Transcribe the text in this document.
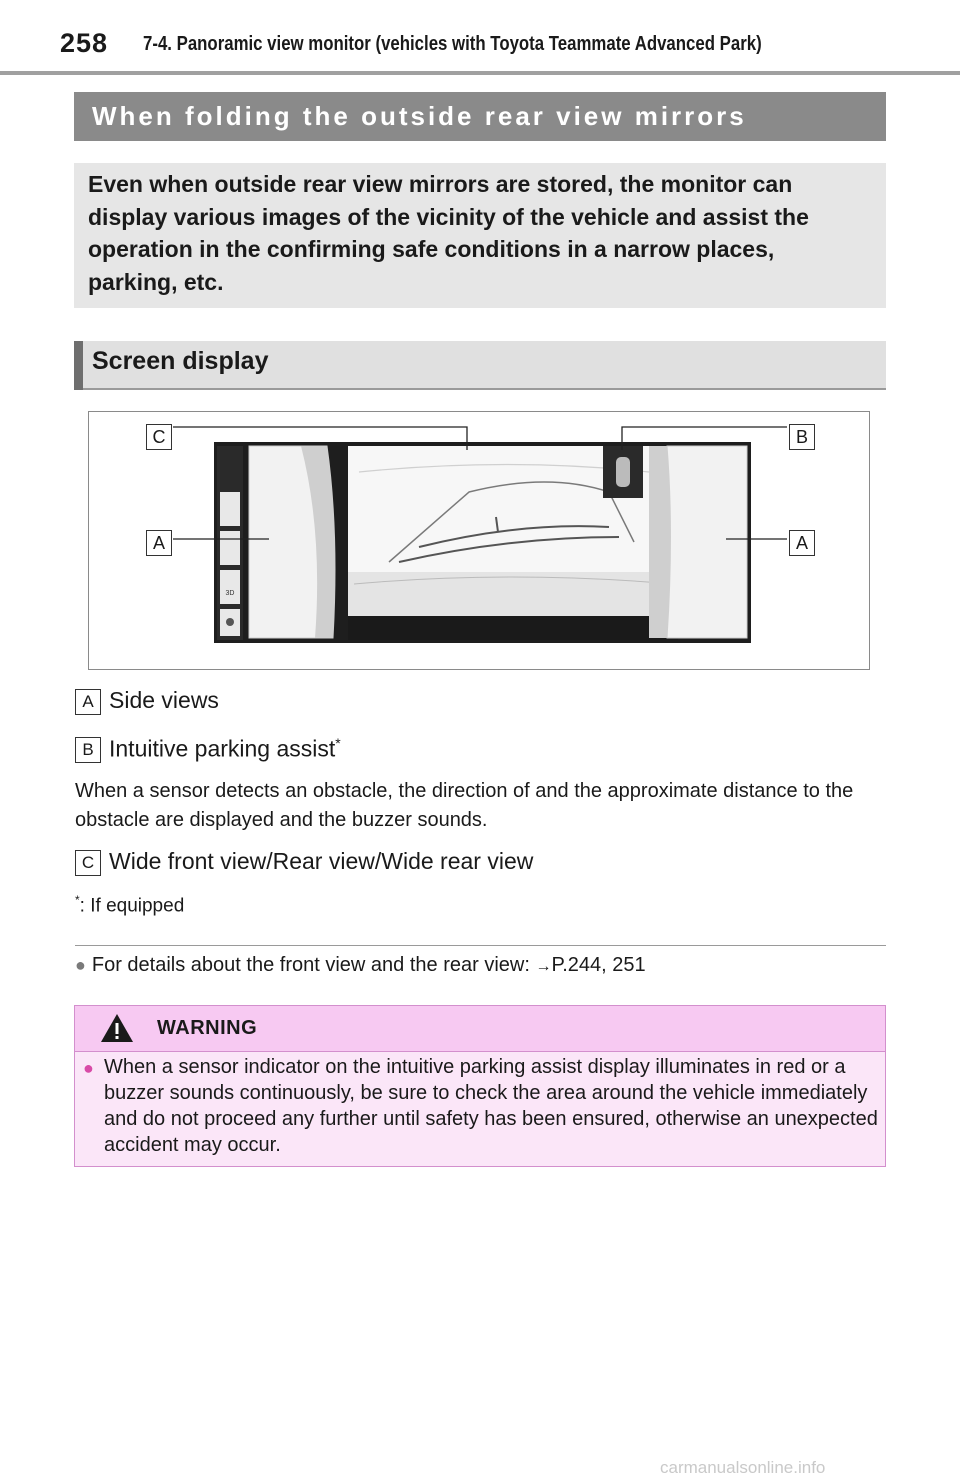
258 7-4. Panoramic view monitor (vehicles with Toyota Teammate Advanced Park)
When folding the outside rear view mirrors

Even when outside rear view mirrors are stored, the monitor can display various images of the vicinity of the vehicle and assist the operation in the confirming safe conditions in a narrow places, parking, etc.

Screen display
3D
C	B
A	A
A Side views
B Intuitive parking assist*
When a sensor detects an obstacle, the direction of and the approximate distance to the obstacle are displayed and the buzzer sounds.
C Wide front view/Rear view/Wide rear view
*: If equipped
● For details about the front view and the rear view: →P.244, 251
WARNING
● When a sensor indicator on the intuitive parking assist display illuminates in red or a buzzer sounds continuously, be sure to check the area around the vehicle immediately and do not proceed any further until safety has been ensured, otherwise an unexpected accident may occur.

carmanualsonline.info
